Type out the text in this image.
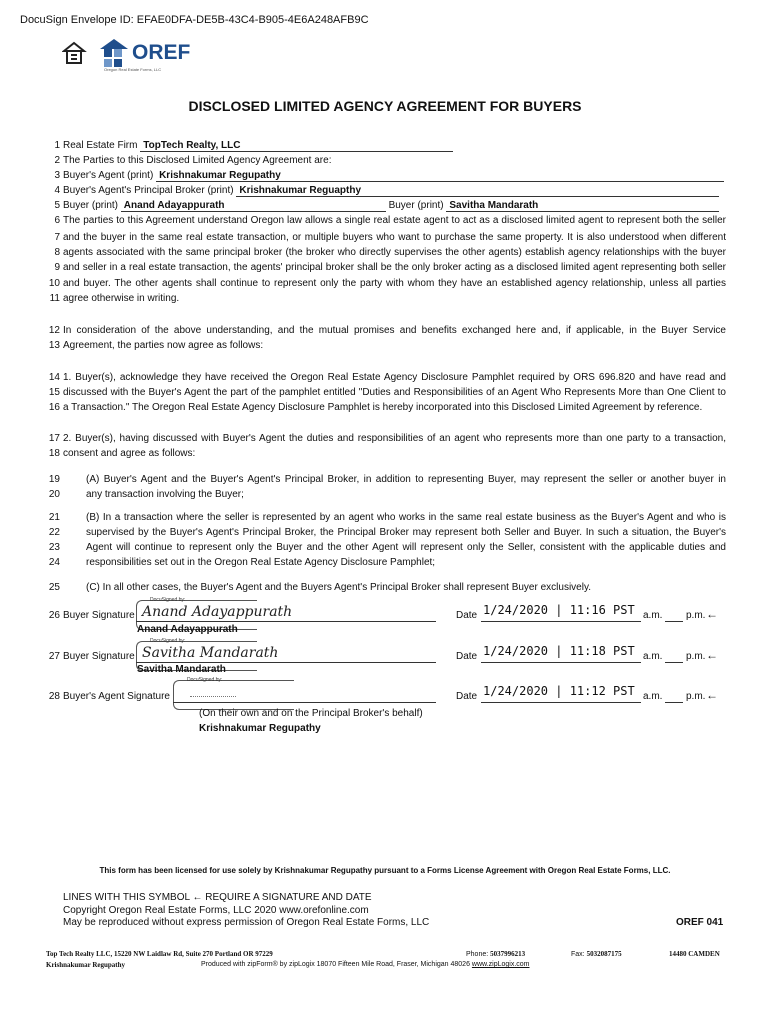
DocuSign Envelope ID: EFAE0DFA-DE5B-43C4-B905-4E6A248AFB9C
OREF
Oregon Real Estate Forms, LLC
DISCLOSED LIMITED AGENCY AGREEMENT FOR BUYERS
1
2
3
4
5
6
7
8
9
10
11
12
13
14
15
16
17
18
19
20
21
22
23
24
25
26
27
28
Real Estate Firm TopTech Realty, LLC
The Parties to this Disclosed Limited Agency Agreement are:
Buyer's Agent (print) Krishnakumar Regupathy
Buyer's Agent's Principal Broker (print) Krishnakumar Reguapthy
Buyer (print) Anand Adayappurath	Buyer (print) Savitha Mandarath
The parties to this Agreement understand Oregon law allows a single real estate agent to act as a disclosed limited agent to represent both the seller
and the buyer in the same real estate transaction, or multiple buyers who want to purchase the same property. It is also understood when different
agents associated with the same principal broker (the broker who directly supervises the other agents) establish agency relationships with the buyer
and seller in a real estate transaction, the agents' principal broker shall be the only broker acting as a disclosed limited agent representing both seller
and buyer. The other agents shall continue to represent only the party with whom they have an established agency relationship, unless all parties
agree otherwise in writing.
In consideration of the above understanding, and the mutual promises and benefits exchanged here and, if applicable, in the Buyer Service
Agreement, the parties now agree as follows:
1. Buyer(s), acknowledge they have received the Oregon Real Estate Agency Disclosure Pamphlet required by ORS 696.820 and have read and
discussed with the Buyer's Agent the part of the pamphlet entitled "Duties and Responsibilities of an Agent Who Represents More than One Client to
a Transaction." The Oregon Real Estate Agency Disclosure Pamphlet is hereby incorporated into this Disclosed Limited Agreement by reference.
2. Buyer(s), having discussed with Buyer's Agent the duties and responsibilities of an agent who represents more than one party to a transaction,
consent and agree as follows:
(A) Buyer's Agent and the Buyer's Agent's Principal Broker, in addition to representing Buyer, may represent the seller or another buyer in
any transaction involving the Buyer;
(B) In a transaction where the seller is represented by an agent who works in the same real estate business as the Buyer's Agent and who is
supervised by the Buyer's Agent's Principal Broker, the Principal Broker may represent both Seller and Buyer. In such a situation, the Buyer's
Agent will continue to represent only the Buyer and the other Agent will represent only the Seller, consistent with the applicable duties and
responsibilities set out in the Oregon Real Estate Agency Disclosure Pamphlet;
(C) In all other cases, the Buyer's Agent and the Buyers Agent's Principal Broker shall represent Buyer exclusively.
Buyer Signature
DocuSigned by:
Anand Adayappurath
Anand Adayappurath
Date 1/24/2020 | 11:16 PST a.m.	p.m. ←
Buyer Signature
DocuSigned by:
Savitha Mandarath
Savitha Mandarath
Date 1/24/2020 | 11:18 PST a.m.	p.m. ←
Buyer's Agent Signature
DocuSigned by:
(On their own and on the Principal Broker's behalf)
Krishnakumar Regupathy
Date 1/24/2020 | 11:12 PST a.m.	p.m. ←
This form has been licensed for use solely by Krishnakumar Regupathy pursuant to a Forms License Agreement with Oregon Real Estate Forms, LLC.
LINES WITH THIS SYMBOL ← REQUIRE A SIGNATURE AND DATE
Copyright Oregon Real Estate Forms, LLC 2020 www.orefonline.com
May be reproduced without express permission of Oregon Real Estate Forms, LLC	OREF 041
Top Tech Realty LLC, 15220 NW Laidlaw Rd, Suite 270 Portland OR 97229
Krishnakumar Regupathy
Phone: 5037996213	Fax: 5032087175	14480 CAMDEN
Produced with zipForm® by zipLogix 18070 Fifteen Mile Road, Fraser, Michigan 48026 www.zipLogix.com
